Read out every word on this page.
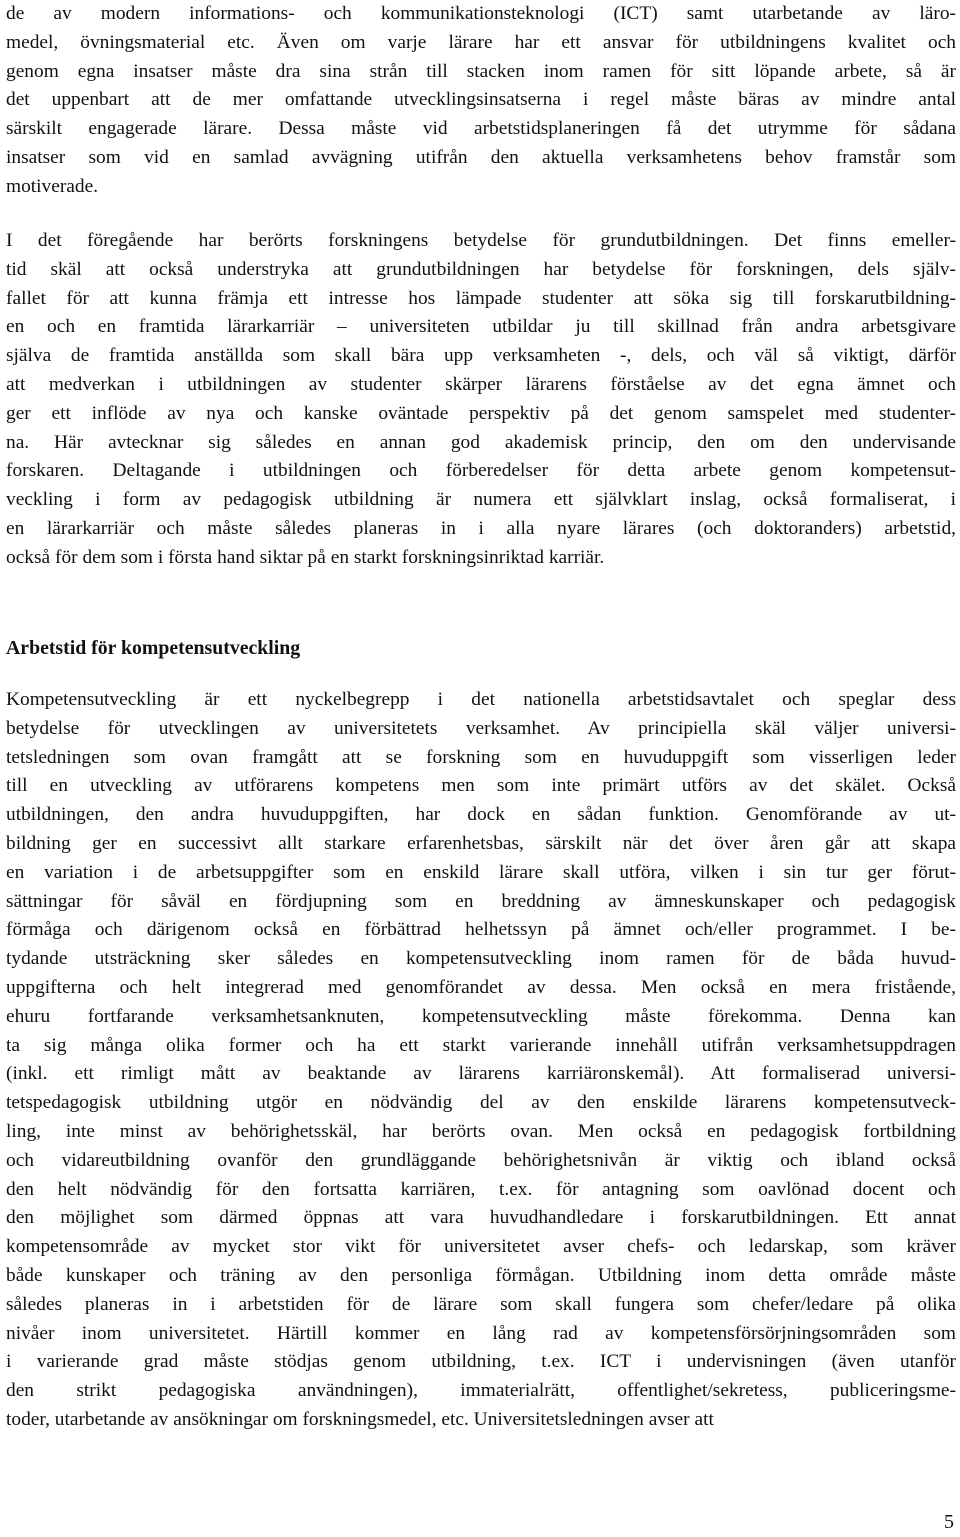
de av modern informations- och kommunikationsteknologi (ICT) samt utarbetande av läro-
medel, övningsmaterial etc. Även om varje lärare har ett ansvar för utbildningens kvalitet och
genom egna insatser måste dra sina strån till stacken inom ramen för sitt löpande arbete, så är
det uppenbart att de mer omfattande utvecklingsinsatserna i regel måste bäras av mindre antal
särskilt engagerade lärare. Dessa måste vid arbetstidsplaneringen få det utrymme för sådana
insatser som vid en samlad avvägning utifrån den aktuella verksamhetens behov framstår som
motiverade.
I det föregående har berörts forskningens betydelse för grundutbildningen. Det finns emeller-
tid skäl att också understryka att grundutbildningen har betydelse för forskningen, dels själv-
fallet för att kunna främja ett intresse hos lämpade studenter att söka sig till forskarutbildning-
en och en framtida lärarkarriär – universiteten utbildar ju till skillnad från andra arbetsgivare
själva de framtida anställda som skall bära upp verksamheten -, dels, och väl så viktigt, därför
att medverkan i utbildningen av studenter skärper lärarens förståelse av det egna ämnet och
ger ett inflöde av nya och kanske oväntade perspektiv på det genom samspelet med studenter-
na. Här avtecknar sig således en annan god akademisk princip, den om den undervisande
forskaren. Deltagande i utbildningen och förberedelser för detta arbete genom kompetensut-
veckling i form av pedagogisk utbildning är numera ett självklart inslag, också formaliserat, i
en lärarkarriär och måste således planeras in i alla nyare lärares (och doktoranders) arbetstid,
också för dem som i första hand siktar på en starkt forskningsinriktad karriär.
Arbetstid för kompetensutveckling
Kompetensutveckling är ett nyckelbegrepp i det nationella arbetstidsavtalet och speglar dess
betydelse för utvecklingen av universitetets verksamhet. Av principiella skäl väljer universi-
tetsledningen som ovan framgått att se forskning som en huvuduppgift som visserligen leder
till en utveckling av utförarens kompetens men som inte primärt utförs av det skälet. Också
utbildningen, den andra huvuduppgiften, har dock en sådan funktion. Genomförande av ut-
bildning ger en successivt allt starkare erfarenhetsbas, särskilt när det över åren går att skapa
en variation i de arbetsuppgifter som en enskild lärare skall utföra, vilken i sin tur ger förut-
sättningar för såväl en fördjupning som en breddning av ämneskunskaper och pedagogisk
förmåga och därigenom också en förbättrad helhetssyn på ämnet och/eller programmet. I be-
tydande utsträckning sker således en kompetensutveckling inom ramen för de båda huvud-
uppgifterna och helt integrerad med genomförandet av dessa. Men också en mera fristående,
ehuru fortfarande verksamhetsanknuten, kompetensutveckling måste förekomma. Denna kan
ta sig många olika former och ha ett starkt varierande innehåll utifrån verksamhetsuppdragen
(inkl. ett rimligt mått av beaktande av lärarens karriäronskemål). Att formaliserad universi-
tetspedagogisk utbildning utgör en nödvändig del av den enskilde lärarens kompetensutveck-
ling, inte minst av behörighetsskäl, har berörts ovan. Men också en pedagogisk fortbildning
och vidareutbildning ovanför den grundläggande behörighetsnivån är viktig och ibland också
den helt nödvändig för den fortsatta karriären, t.ex. för antagning som oavlönad docent och
den möjlighet som därmed öppnas att vara huvudhandledare i forskarutbildningen. Ett annat
kompetensområde av mycket stor vikt för universitetet avser chefs- och ledarskap, som kräver
både kunskaper och träning av den personliga förmågan. Utbildning inom detta område måste
således planeras in i arbetstiden för de lärare som skall fungera som chefer/ledare på olika
nivåer inom universitetet. Härtill kommer en lång rad av kompetensförsörjningsområden som
i varierande grad måste stödjas genom utbildning, t.ex. ICT i undervisningen (även utanför
den strikt pedagogiska användningen), immaterialrätt, offentlighet/sekretess, publiceringsme-
toder, utarbetande av ansökningar om forskningsmedel, etc. Universitetsledningen avser att
5
